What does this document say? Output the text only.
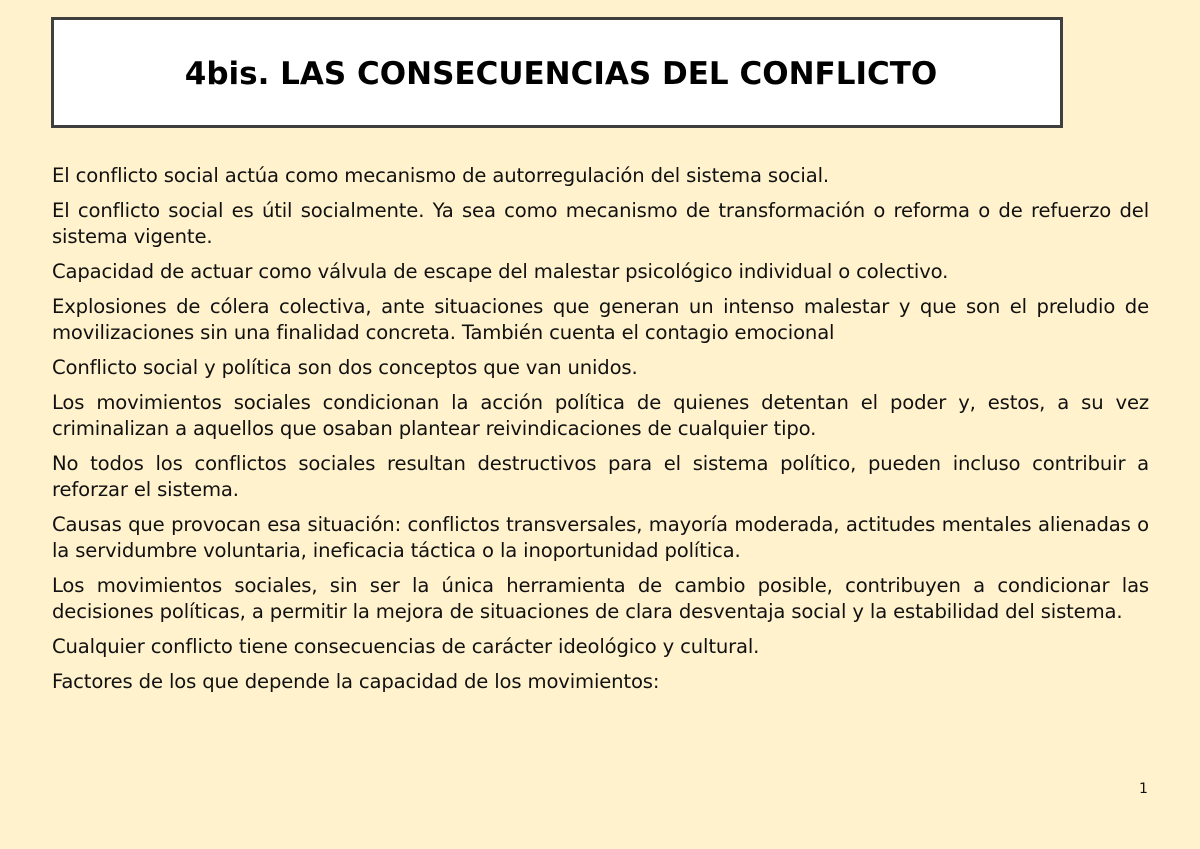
4bis. LAS CONSECUENCIAS DEL CONFLICTO

El conflicto social actúa como mecanismo de autorregulación del sistema social.

El conflicto social es útil socialmente. Ya sea como mecanismo de transformación o reforma o de refuerzo del sistema vigente.

Capacidad de actuar como válvula de escape del malestar psicológico individual o colectivo.

Explosiones de cólera colectiva, ante situaciones que generan un intenso malestar y que son el preludio de movilizaciones sin una finalidad concreta. También cuenta el contagio emocional

Conflicto social y política son dos conceptos que van unidos.

Los movimientos sociales condicionan la acción política de quienes detentan el poder y, estos, a su vez criminalizan a aquellos que osaban plantear reivindicaciones de cualquier tipo.

No todos los conflictos sociales resultan destructivos para el sistema político, pueden incluso contribuir a reforzar el sistema.

Causas que provocan esa situación: conflictos transversales, mayoría moderada, actitudes mentales alienadas o la servidumbre voluntaria, ineficacia táctica o la inoportunidad política.

Los movimientos sociales, sin ser la única herramienta de cambio posible, contribuyen a condicionar las decisiones políticas, a permitir la mejora de situaciones de clara desventaja social y la estabilidad del sistema.

Cualquier conflicto tiene consecuencias de carácter ideológico y cultural.

Factores de los que depende la capacidad de los movimientos:

1
